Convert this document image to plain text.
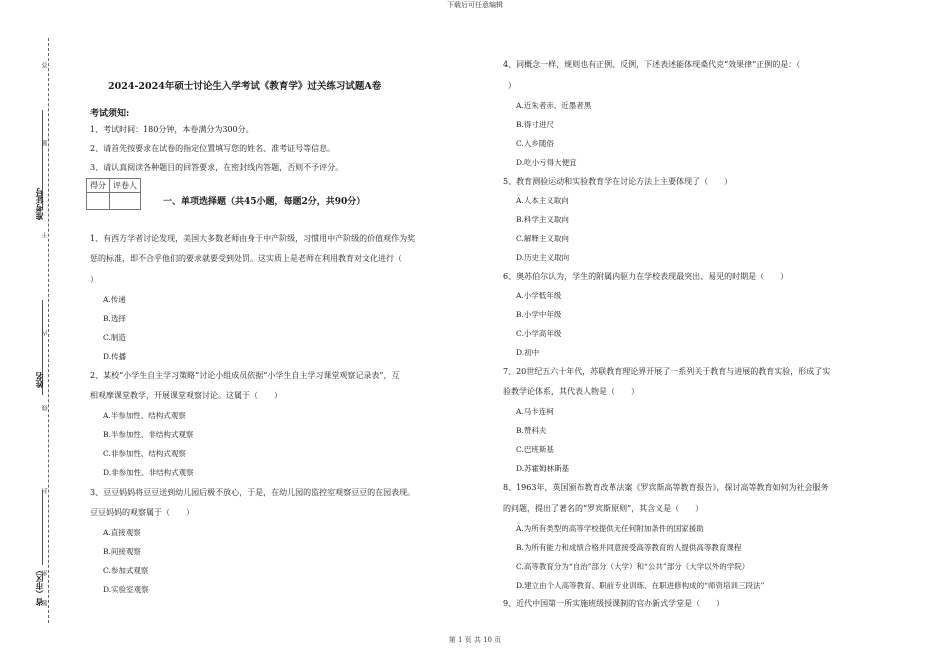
下载后可任意编辑
准考证号
姓名
省（市区）
答
题
不
内
线
封
密
题
2024-2024年硕士讨论生入学考试《教育学》过关练习试题A卷
考试须知:
1、考试时间：180分钟，本卷满分为300分。
2、请首先按要求在试卷的指定位置填写您的姓名、准考证号等信息。
3、请认真阅读各种题目的回答要求，在密封线内答题，否则不予评分。
得分	评卷人

一、单项选择题（共45小题，每题2分，共90分）
1、有西方学者讨论发现，美国大多数老师由身于中产阶级，习惯用中产阶级的价值观作为奖
惩的标准，即不合乎他们的要求就要受到处罚。这实质上是老师在利用教育对文化进行（
）
A.传递
B.选择
C.制造
D.传播
2、某校“小学生自主学习策略”讨论小组成员依据“小学生自主学习课堂观察记录表”，互
相观摩课堂教学，开展课堂观察讨论。这属于（　　）
A.半参加性、结构式观察
B.半参加性、非结构式观察
C.非参加性、结构式观察
D.非参加性、非结构式观察
3、豆豆妈妈将豆豆送到幼儿园后极不放心，于是，在幼儿园的监控室观察豆豆的在园表现。
豆豆妈妈的观察属于（　　）
A.直接观察
B.间接观察
C.参加式观察
D.实验室观察
4、同概念一样，规则也有正例、反例，下述表述能体现桑代克“效果律”正例的是：（
）
A.近朱者赤、近墨者黑
B.得寸进尺
C.入乡随俗
D.吃小亏得大便宜
5、教育测验运动和实验教育学在讨论方法上主要体现了（　　）
A.人本主义取向
B.科学主义取向
C.解释主义取向
D.历史主义取向
6、奥苏伯尔认为，学生的附属内驱力在学校表现最突出、易见的时期是（　　）
A.小学低年级
B.小学中年级
C.小学高年级
D.初中
7、20世纪五六十年代，苏联教育理论界开展了一系列关于教育与进展的教育实验，形成了实
验教学论体系，其代表人物是（　　）
A.马卡连柯
B.赞科夫
C.巴班斯基
D.苏霍姆林斯基
8、1963年，英国颁布教育改革法案《罗宾斯高等教育报告》，探讨高等教育如何为社会服务
的问题，提出了著名的“罗宾斯原则”，其含义是（　　）
A.为所有类型的高等学校提供无任何附加条件的国家援助
B.为所有能力和成绩合格并同意接受高等教育的人提供高等教育课程
C.高等教育分为“自治”部分（大学）和“公共”部分（大学以外的学院）
D.建立由个人高等教育、职前专业训练、在职进修构成的“师资培训三段法”
9、近代中国第一所实施班级授课制的官办新式学堂是（　　）
第 1 页 共 10 页
